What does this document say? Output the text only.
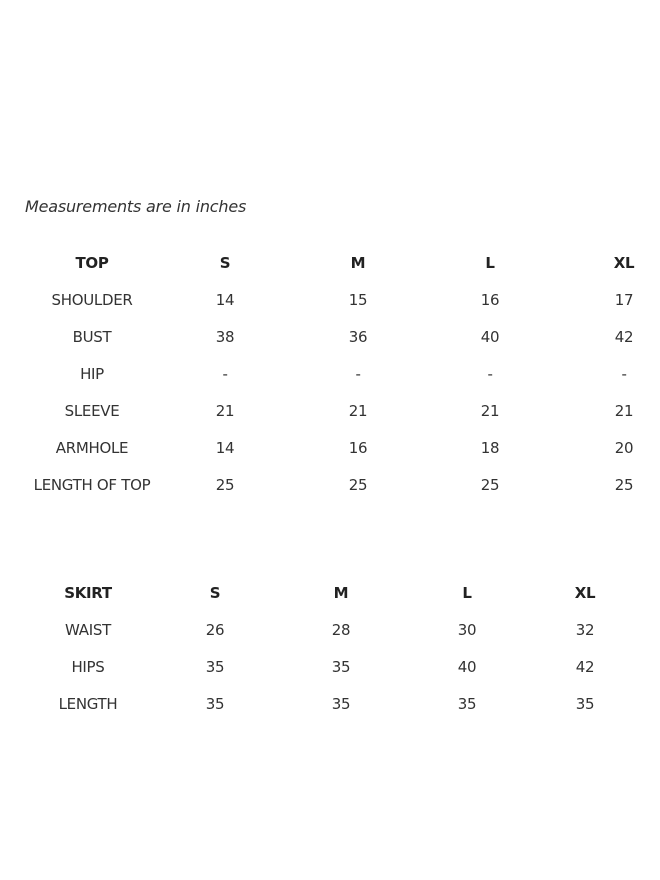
Measurements are in inches
TOP	S	M	L	XL
SHOULDER	14	15	16	17
BUST	38	36	40	42
HIP	-	-	-	-
SLEEVE	21	21	21	21
ARMHOLE	14	16	18	20
LENGTH OF TOP	25	25	25	25
SKIRT	S	M	L	XL
WAIST	26	28	30	32
HIPS	35	35	40	42
LENGTH	35	35	35	35
